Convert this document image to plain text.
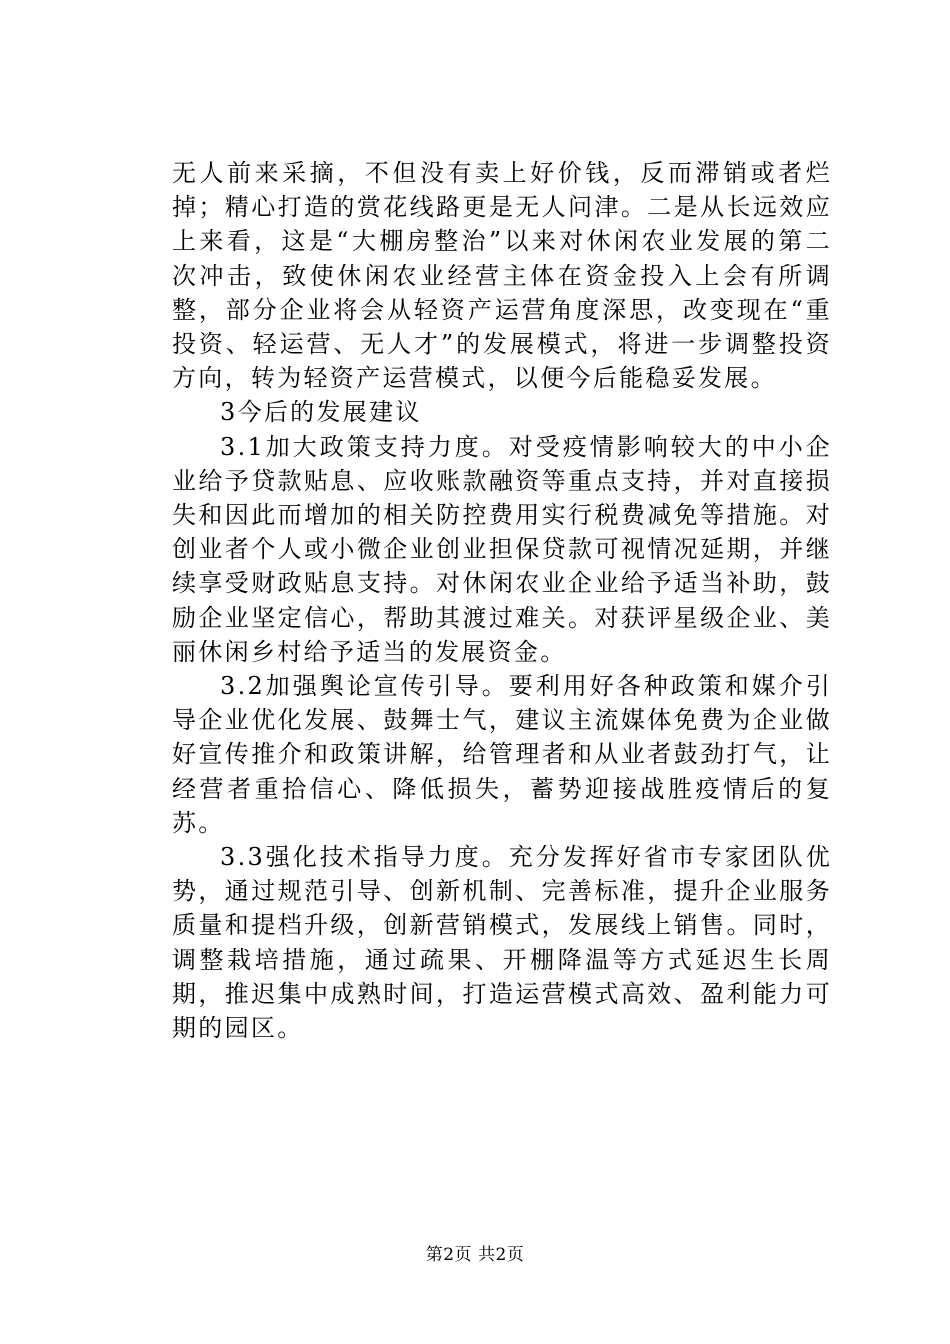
无人前来采摘，不但没有卖上好价钱，反而滞销或者烂掉；精心打造的赏花线路更是无人问津。二是从长远效应上来看，这是“大棚房整治”以来对休闲农业发展的第二次冲击，致使休闲农业经营主体在资金投入上会有所调整，部分企业将会从轻资产运营角度深思，改变现在“重投资、轻运营、无人才”的发展模式，将进一步调整投资方向，转为轻资产运营模式，以便今后能稳妥发展。

3今后的发展建议

3.1加大政策支持力度。对受疫情影响较大的中小企业给予贷款贴息、应收账款融资等重点支持，并对直接损失和因此而增加的相关防控费用实行税费减免等措施。对创业者个人或小微企业创业担保贷款可视情况延期，并继续享受财政贴息支持。对休闲农业企业给予适当补助，鼓励企业坚定信心，帮助其渡过难关。对获评星级企业、美丽休闲乡村给予适当的发展资金。

3.2加强舆论宣传引导。要利用好各种政策和媒介引导企业优化发展、鼓舞士气，建议主流媒体免费为企业做好宣传推介和政策讲解，给管理者和从业者鼓劲打气，让经营者重拾信心、降低损失，蓄势迎接战胜疫情后的复苏。

3.3强化技术指导力度。充分发挥好省市专家团队优势，通过规范引导、创新机制、完善标准，提升企业服务质量和提档升级，创新营销模式，发展线上销售。同时，调整栽培措施，通过疏果、开棚降温等方式延迟生长周期，推迟集中成熟时间，打造运营模式高效、盈利能力可期的园区。

第2页 共2页
